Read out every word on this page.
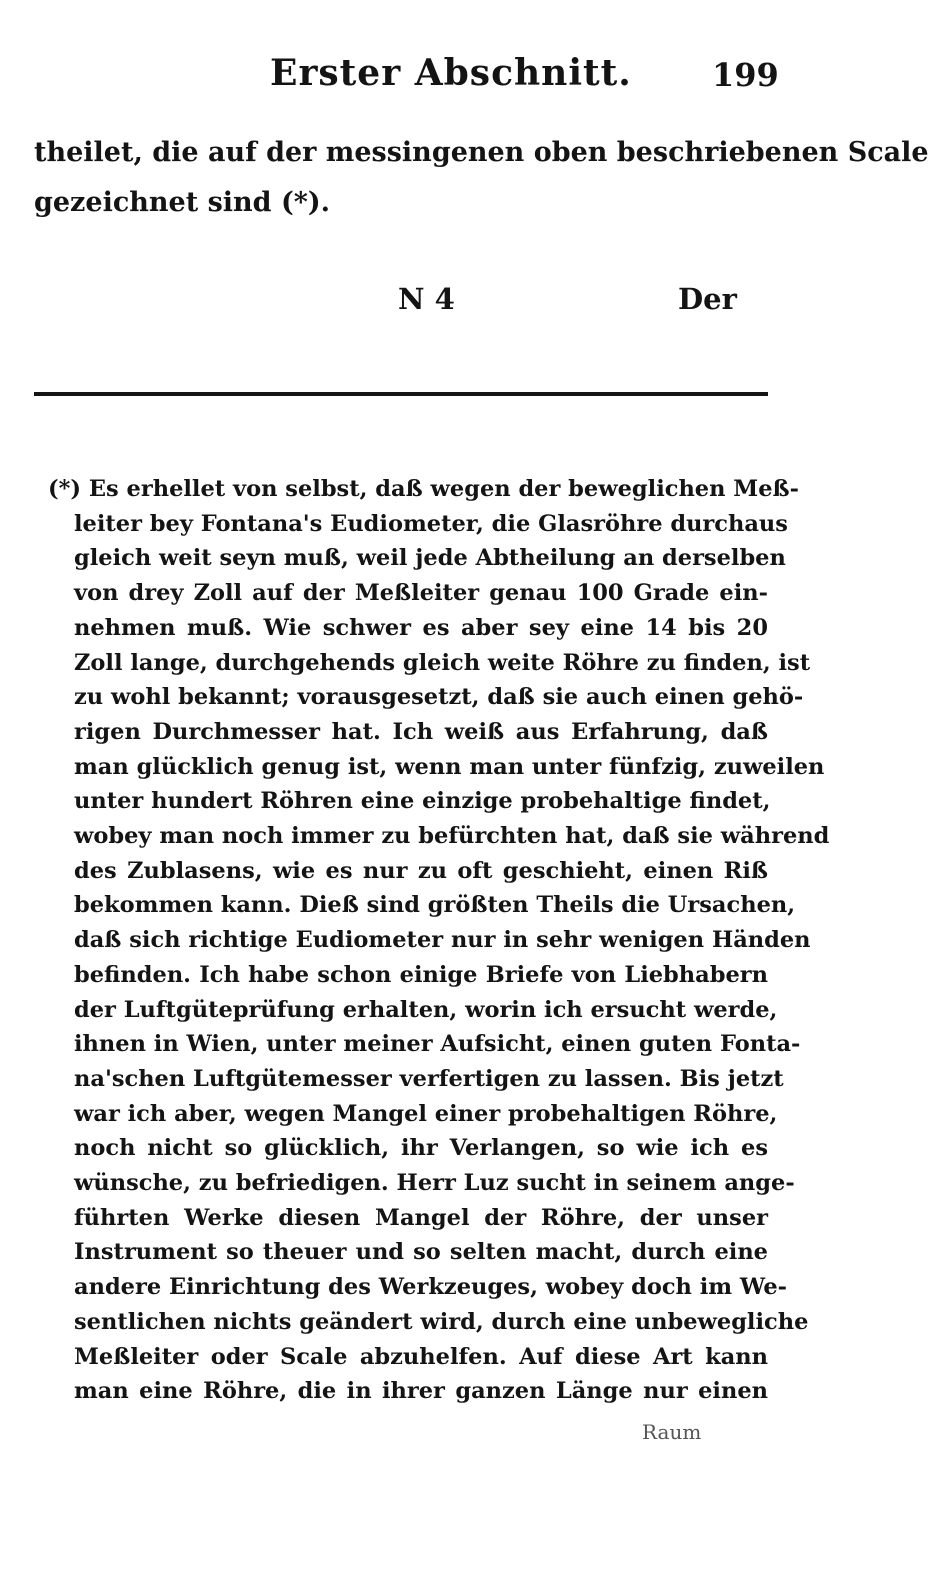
Erster Abschnitt.	199
theilet, die auf der messingenen oben beschriebenen Scale
gezeichnet sind (*).
N 4	Der
(*) Es erhellet von selbst, daß wegen der beweglichen Meß-
leiter bey Fontana's Eudiometer, die Glasröhre durchaus
gleich weit seyn muß, weil jede Abtheilung an derselben
von drey Zoll auf der Meßleiter genau 100 Grade ein-
nehmen muß. Wie schwer es aber sey eine 14 bis 20
Zoll lange, durchgehends gleich weite Röhre zu finden, ist
zu wohl bekannt; vorausgesetzt, daß sie auch einen gehö-
rigen Durchmesser hat. Ich weiß aus Erfahrung, daß
man glücklich genug ist, wenn man unter fünfzig, zuweilen
unter hundert Röhren eine einzige probehaltige findet,
wobey man noch immer zu befürchten hat, daß sie während
des Zublasens, wie es nur zu oft geschieht, einen Riß
bekommen kann. Dieß sind größten Theils die Ursachen,
daß sich richtige Eudiometer nur in sehr wenigen Händen
befinden. Ich habe schon einige Briefe von Liebhabern
der Luftgüteprüfung erhalten, worin ich ersucht werde,
ihnen in Wien, unter meiner Aufsicht, einen guten Fonta-
na'schen Luftgütemesser verfertigen zu lassen. Bis jetzt
war ich aber, wegen Mangel einer probehaltigen Röhre,
noch nicht so glücklich, ihr Verlangen, so wie ich es
wünsche, zu befriedigen. Herr Luz sucht in seinem ange-
führten Werke diesen Mangel der Röhre, der unser
Instrument so theuer und so selten macht, durch eine
andere Einrichtung des Werkzeuges, wobey doch im We-
sentlichen nichts geändert wird, durch eine unbewegliche
Meßleiter oder Scale abzuhelfen. Auf diese Art kann
man eine Röhre, die in ihrer ganzen Länge nur einen
Raum
